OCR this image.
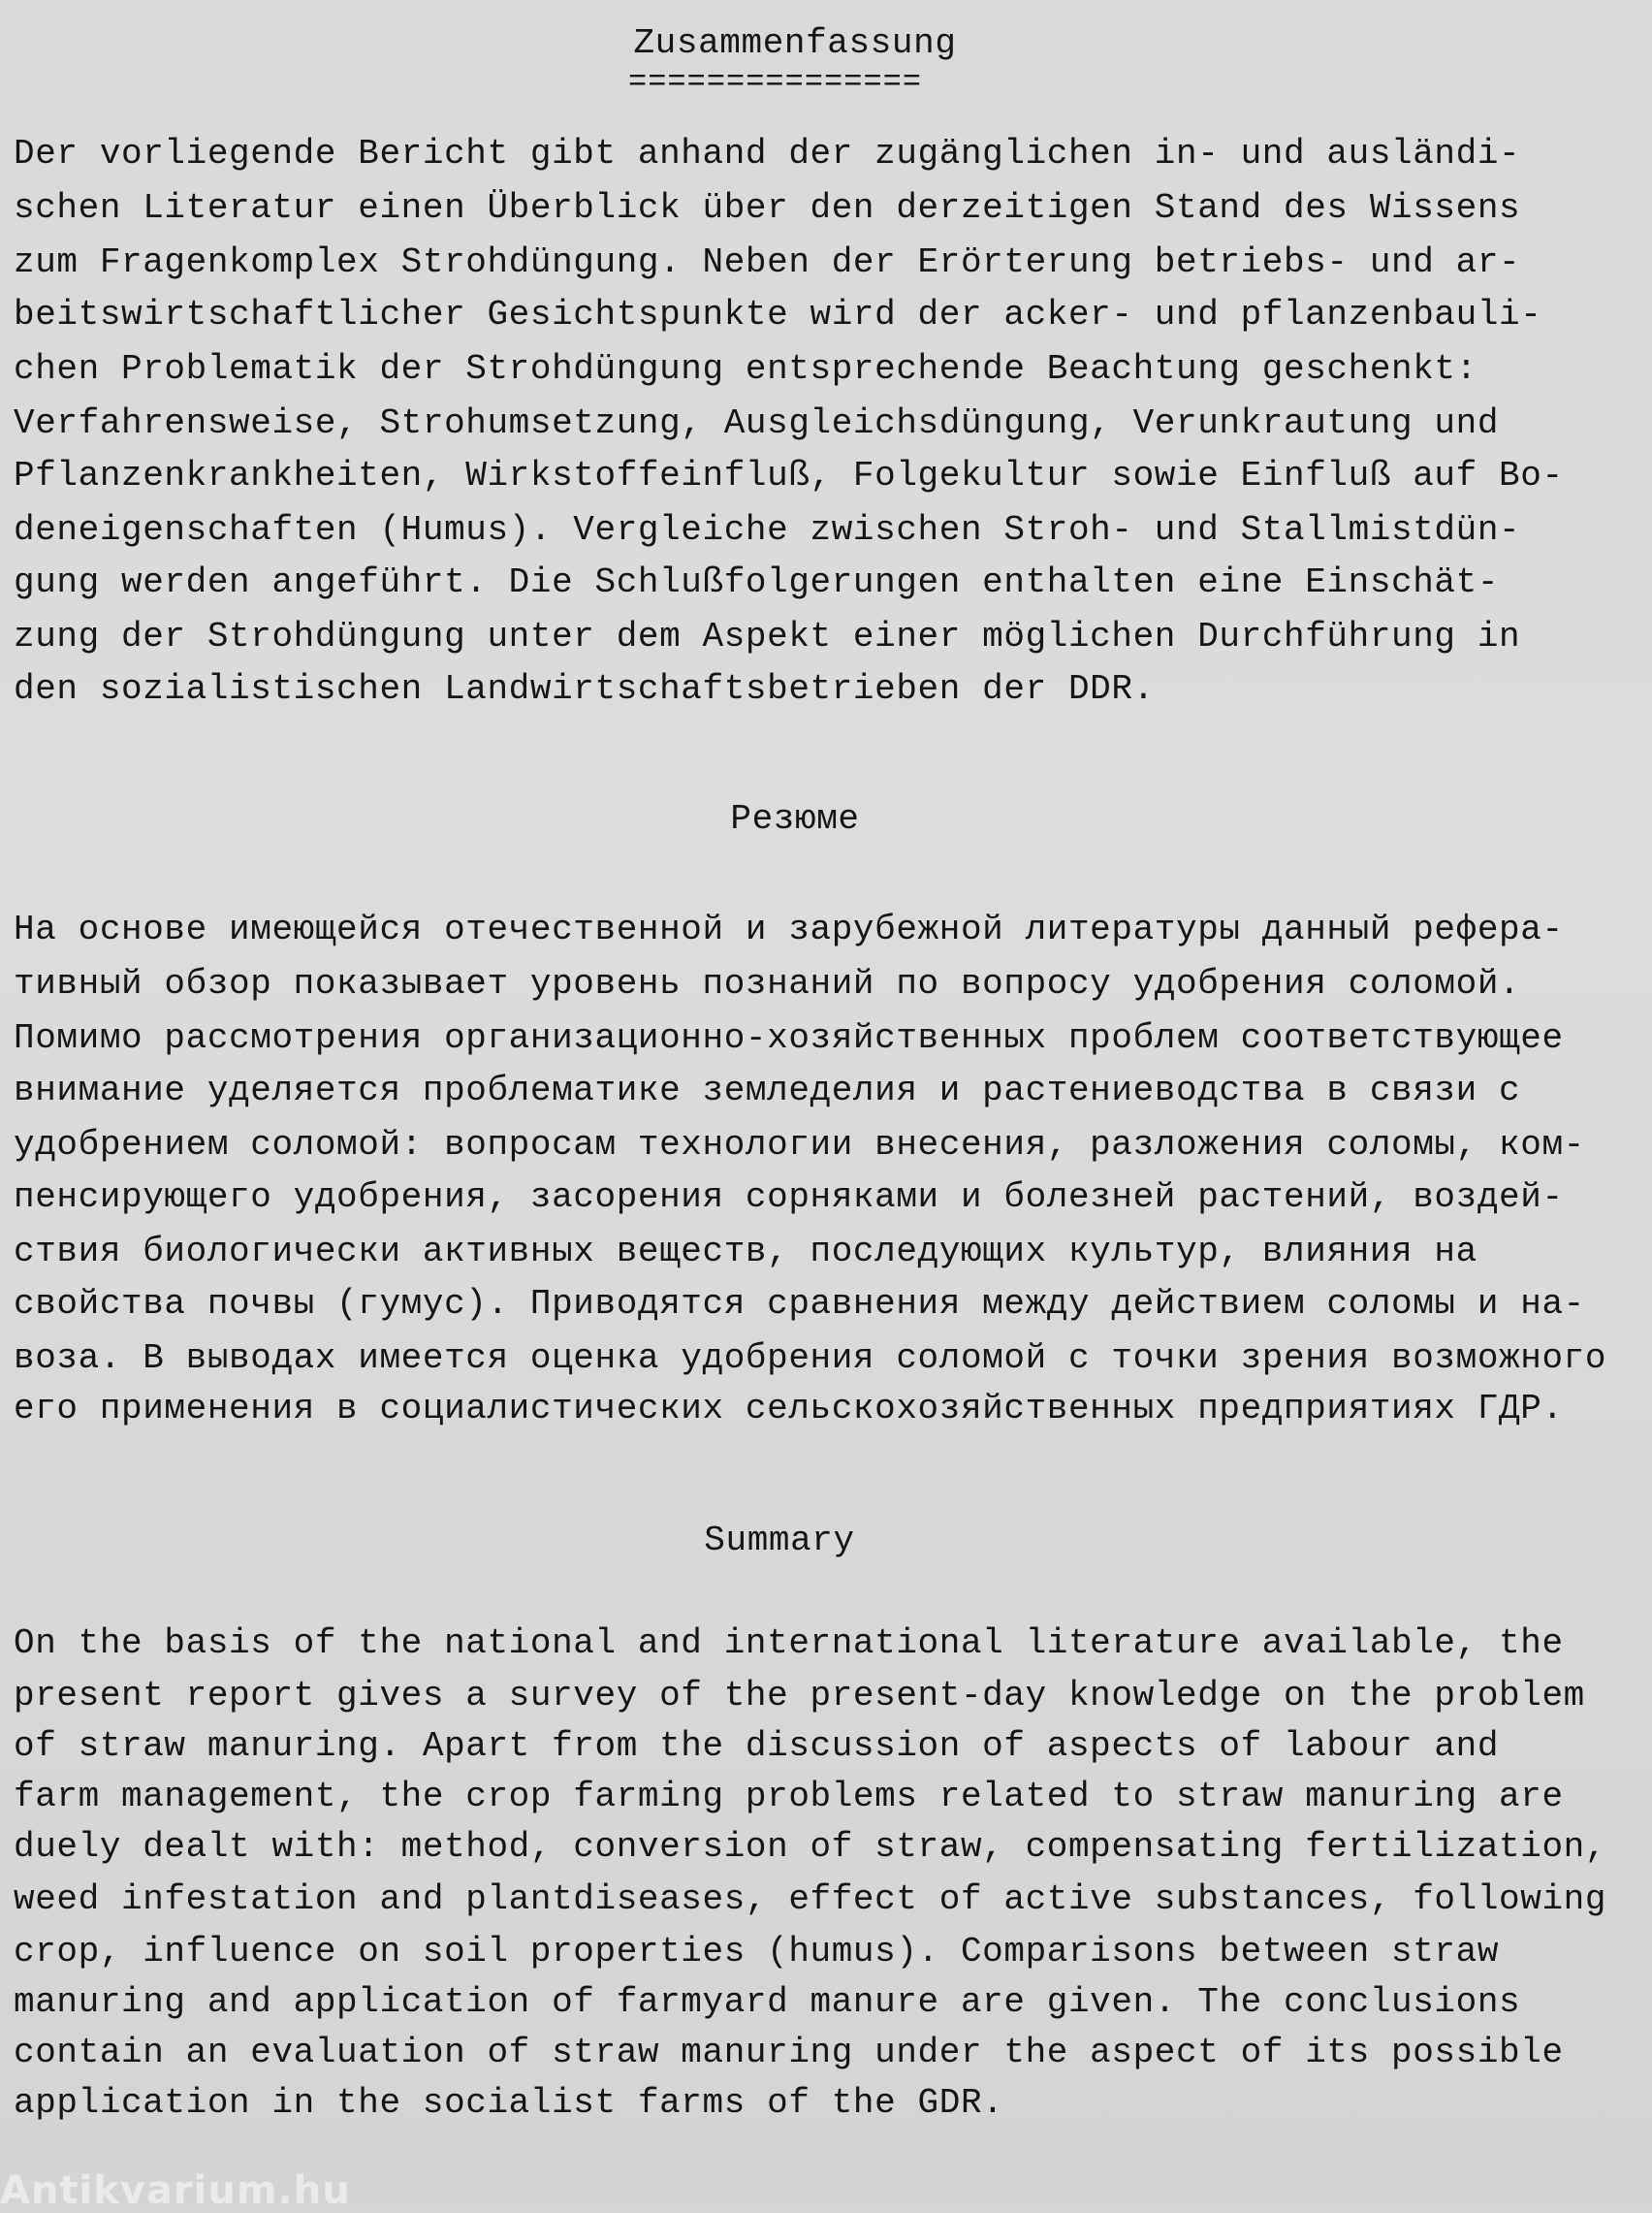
Zusammenfassung
===============
Der vorliegende Bericht gibt anhand der zugänglichen in- und ausländi-
schen Literatur einen Überblick über den derzeitigen Stand des Wissens
zum Fragenkomplex Strohdüngung. Neben der Erörterung betriebs- und ar-
beitswirtschaftlicher Gesichtspunkte wird der acker- und pflanzenbauli-
chen Problematik der Strohdüngung entsprechende Beachtung geschenkt:
Verfahrensweise, Strohumsetzung, Ausgleichsdüngung, Verunkrautung und
Pflanzenkrankheiten, Wirkstoffeinfluß, Folgekultur sowie Einfluß auf Bo-
deneigenschaften (Humus). Vergleiche zwischen Stroh- und Stallmistdün-
gung werden angeführt. Die Schlußfolgerungen enthalten eine Einschät-
zung der Strohdüngung unter dem Aspekt einer möglichen Durchführung in
den sozialistischen Landwirtschaftsbetrieben der DDR.
Резюме
На основе имеющейся отечественной и зарубежной литературы данный рефера-
тивный обзор показывает уровень познаний по вопросу удобрения соломой.
Помимо рассмотрения организационно-хозяйственных проблем соответствующее
внимание уделяется проблематике земледелия и растениеводства в связи с
удобрением соломой: вопросам технологии внесения, разложения соломы, ком-
пенсирующего удобрения, засорения сорняками и болезней растений, воздей-
ствия биологически активных веществ, последующих культур, влияния на
свойства почвы (гумус). Приводятся сравнения между действием соломы и на-
воза. В выводах имеется оценка удобрения соломой с точки зрения возможного
его применения в социалистических сельскохозяйственных предприятиях ГДР.
Summary
On the basis of the national and international literature available, the
present report gives a survey of the present-day knowledge on the problem
of straw manuring. Apart from the discussion of aspects of labour and
farm management, the crop farming problems related to straw manuring are
duely dealt with: method, conversion of straw, compensating fertilization,
weed infestation and plantdiseases, effect of active substances, following
crop, influence on soil properties (humus). Comparisons between straw
manuring and application of farmyard manure are given. The conclusions
contain an evaluation of straw manuring under the aspect of its possible
application in the socialist farms of the GDR.
Antikvarium.hu
